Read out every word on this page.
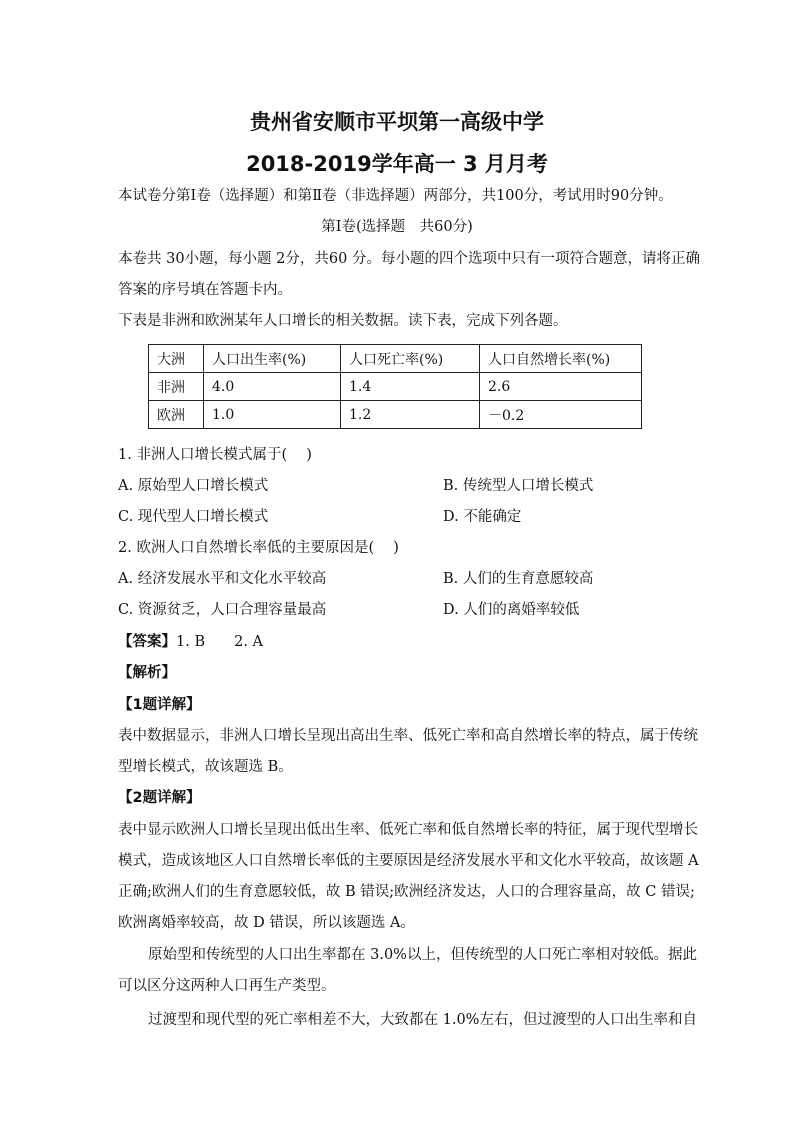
贵州省安顺市平坝第一高级中学
2018-2019学年高一 3 月月考
本试卷分第Ⅰ卷（选择题）和第Ⅱ卷（非选择题）两部分，共100分，考试用时90分钟。
第Ⅰ卷(选择题　共60分)
本卷共 30小题，每小题 2分，共60 分。每小题的四个选项中只有一项符合题意，请将正确
答案的序号填在答题卡内。
下表是非洲和欧洲某年人口增长的相关数据。读下表，完成下列各题。
大洲	人口出生率(%)	人口死亡率(%)	人口自然增长率(%)
非洲	4.0	1.4	2.6
欧洲	1.0	1.2	－0.2
1. 非洲人口增长模式属于(　 )
A. 原始型人口增长模式	B. 传统型人口增长模式
C. 现代型人口增长模式	D. 不能确定
2. 欧洲人口自然增长率低的主要原因是(　 )
A. 经济发展水平和文化水平较高	B. 人们的生育意愿较高
C. 资源贫乏，人口合理容量最高	D. 人们的离婚率较低
【答案】1. B　　2. A
【解析】
【1题详解】
表中数据显示，非洲人口增长呈现出高出生率、低死亡率和高自然增长率的特点，属于传统
型增长模式，故该题选 B。
【2题详解】
表中显示欧洲人口增长呈现出低出生率、低死亡率和低自然增长率的特征，属于现代型增长
模式，造成该地区人口自然增长率低的主要原因是经济发展水平和文化水平较高，故该题 A
正确;欧洲人们的生育意愿较低，故 B 错误;欧洲经济发达，人口的合理容量高，故 C 错误;
欧洲离婚率较高，故 D 错误，所以该题选 A。
原始型和传统型的人口出生率都在 3.0%以上，但传统型的人口死亡率相对较低。据此
可以区分这两种人口再生产类型。
过渡型和现代型的死亡率相差不大，大致都在 1.0%左右，但过渡型的人口出生率和自
